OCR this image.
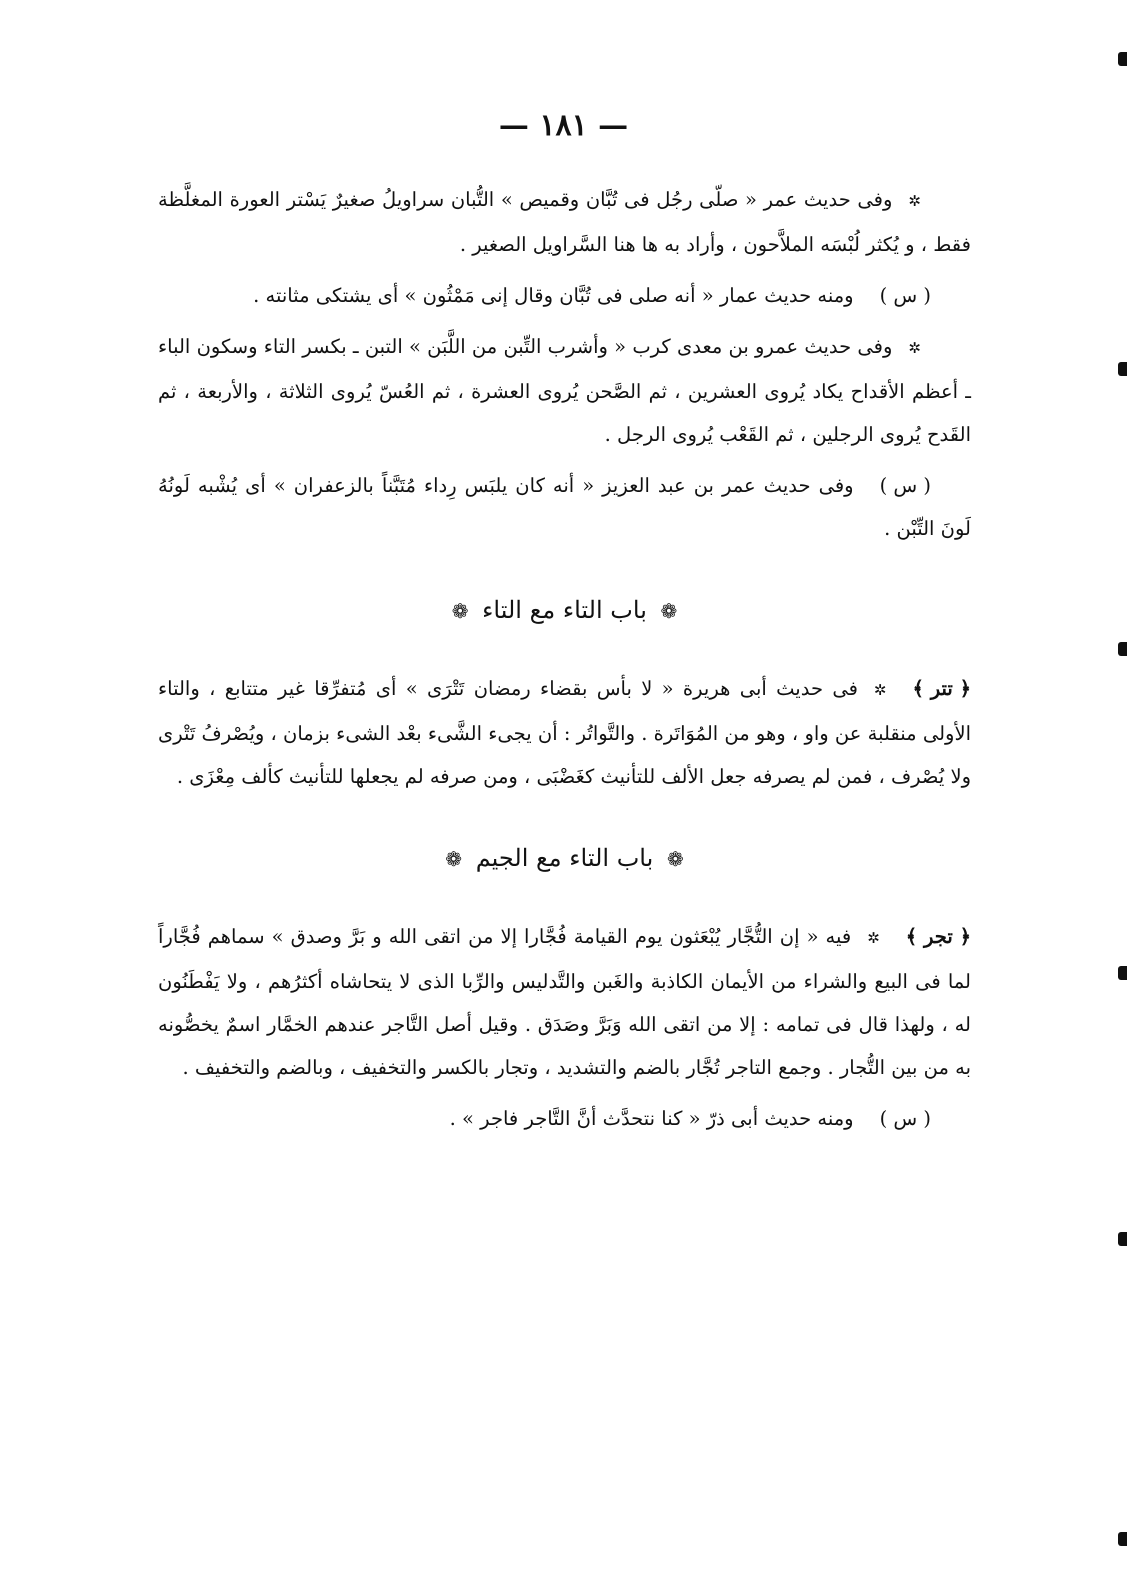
— ١٨١ —

✲وفى حديث عمر « صلّى رجُل فى تُبَّان وقميص » التُّبان سراويلُ صغيرٌ يَسْتر العورة المغلَّظة فقط ، و يُكثر لُبْسَه الملاَّحون ، وأراد به ها هنا السَّراويل الصغير .

( س )ومنه حديث عمار « أنه صلى فى تُبَّان وقال إنى مَمْثُون » أى يشتكى مثانته .

✲وفى حديث عمرو بن معدى كرب « وأشرب التِّبن من اللَّبَن » التبن ـ بكسر التاء وسكون الباء ـ أعظم الأقداح يكاد يُروى العشرين ، ثم الصَّحن يُروى العشرة ، ثم العُسّ يُروى الثلاثة ، والأربعة ، ثم القَدح يُروى الرجلين ، ثم القَعْب يُروى الرجل .

( س )وفى حديث عمر بن عبد العزيز « أنه كان يلبَس رِداء مُتَبَّناً بالزعفران » أى يُشْبه لَونُهُ لَونَ التِّبْن .

❁ باب التاء مع التاء ❁

﴿ تتر ﴾✲فى حديث أبى هريرة « لا بأس بقضاء رمضان تَتْرَى » أى مُتفرِّقا غير متتابع ، والتاء الأولى منقلبة عن واو ، وهو من المُوَاتَرة . والتَّواتُر : أن يجىء الشَّىء بعْد الشىء بزمان ، ويُصْرفُ تَتْرى ولا يُصْرف ، فمن لم يصرفه جعل الألف للتأنيث كغَضْبَى ، ومن صرفه لم يجعلها للتأنيث كألف مِعْزَى .

❁ باب التاء مع الجيم ❁

﴿ تجر ﴾✲فيه « إن التُّجَّار يُبْعَثون يوم القيامة فُجَّارا إلا من اتقى الله و بَرَّ وصدق » سماهم فُجَّاراً لما فى البيع والشراء من الأيمان الكاذبة والغَبن والتَّدليس والرِّبا الذى لا يتحاشاه أكثرُهم ، ولا يَفْطَنُون له ، ولهذا قال فى تمامه : إلا من اتقى الله وَبَرَّ وصَدَق . وقيل أصل التَّاجر عندهم الخمَّار اسمٌ يخصُّونه به من بين التُّجار . وجمع التاجر تُجَّار بالضم والتشديد ، وتجار بالكسر والتخفيف ، وبالضم والتخفيف .

( س )ومنه حديث أبى ذرّ « كنا نتحدَّث أنَّ التَّاجر فاجر » .
